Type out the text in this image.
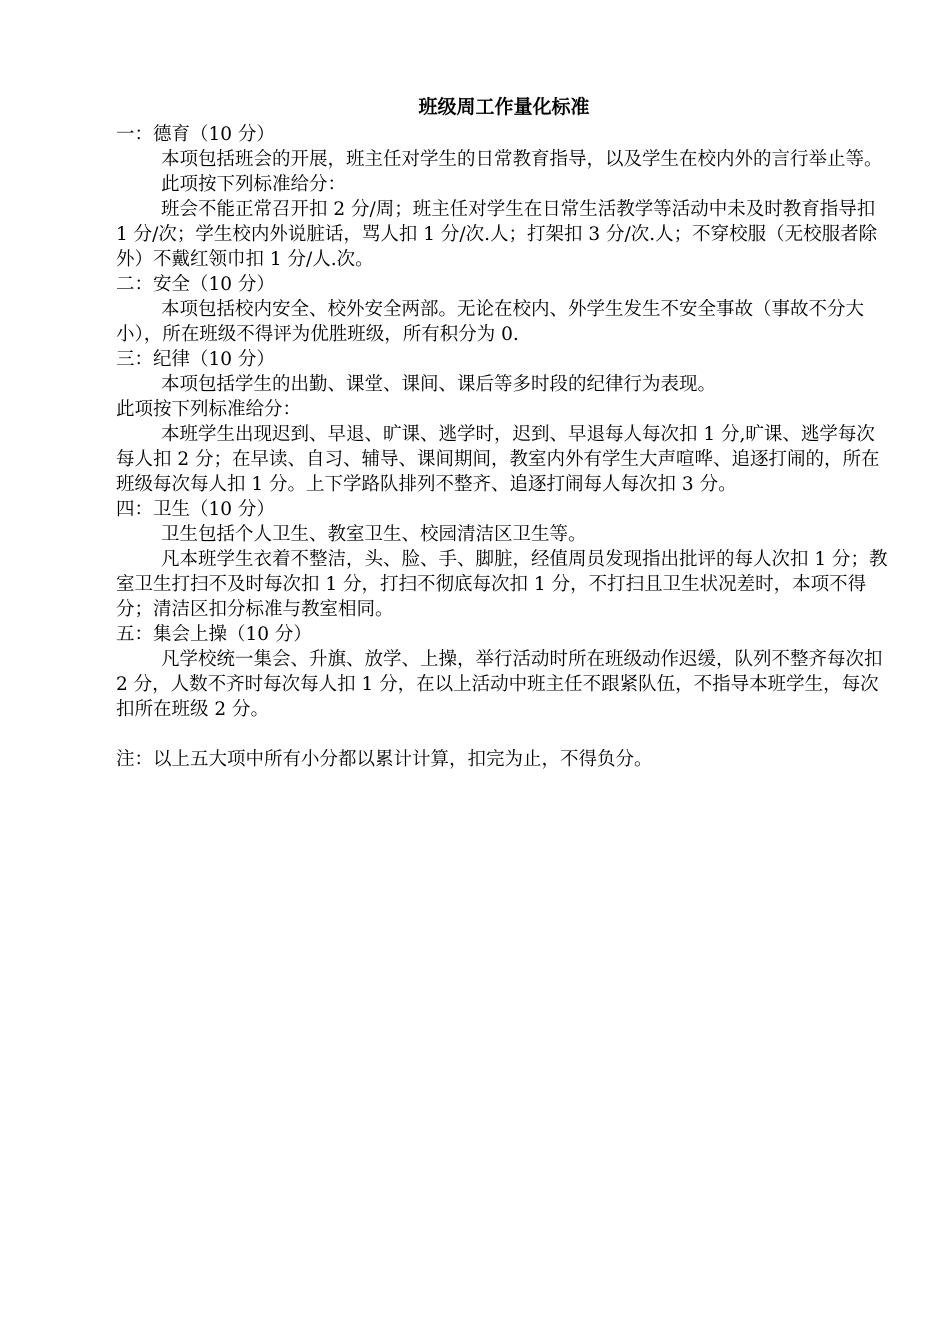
班级周工作量化标准

一：德育（10 分）

本项包括班会的开展，班主任对学生的日常教育指导，以及学生在校内外的言行举止等。

此项按下列标准给分：

班会不能正常召开扣 2 分/周；班主任对学生在日常生活教学等活动中未及时教育指导扣 1 分/次；学生校内外说脏话，骂人扣 1 分/次.人；打架扣 3 分/次.人；不穿校服（无校服者除外）不戴红领巾扣 1 分/人.次。

二：安全（10 分）

本项包括校内安全、校外安全两部。无论在校内、外学生发生不安全事故（事故不分大小），所在班级不得评为优胜班级，所有积分为 0.

三：纪律（10 分）

本项包括学生的出勤、课堂、课间、课后等多时段的纪律行为表现。

此项按下列标准给分：

本班学生出现迟到、早退、旷课、逃学时，迟到、早退每人每次扣 1 分,旷课、逃学每次每人扣 2 分；在早读、自习、辅导、课间期间，教室内外有学生大声喧哗、追逐打闹的，所在班级每次每人扣 1 分。上下学路队排列不整齐、追逐打闹每人每次扣 3 分。

四：卫生（10 分）

卫生包括个人卫生、教室卫生、校园清洁区卫生等。

凡本班学生衣着不整洁，头、脸、手、脚脏，经值周员发现指出批评的每人次扣 1 分；教室卫生打扫不及时每次扣 1 分，打扫不彻底每次扣 1 分，不打扫且卫生状况差时，本项不得分；清洁区扣分标准与教室相同。

五：集会上操（10 分）

凡学校统一集会、升旗、放学、上操，举行活动时所在班级动作迟缓，队列不整齐每次扣 2 分，人数不齐时每次每人扣 1 分，在以上活动中班主任不跟紧队伍，不指导本班学生，每次扣所在班级 2 分。

注：以上五大项中所有小分都以累计计算，扣完为止，不得负分。
